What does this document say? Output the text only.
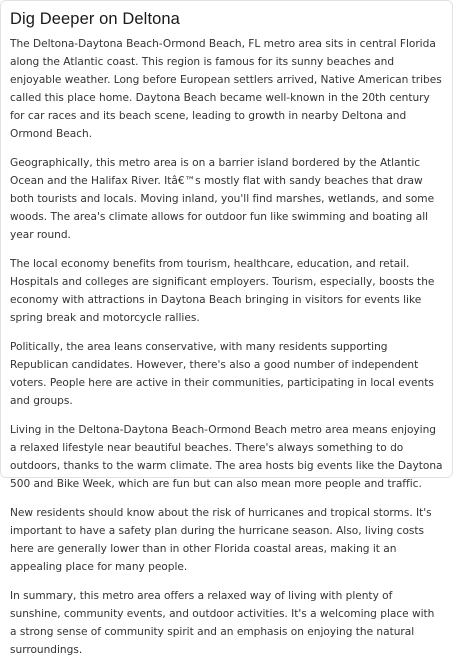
Dig Deeper on Deltona

The Deltona-Daytona Beach-Ormond Beach, FL metro area sits in central Florida along the Atlantic coast. This region is famous for its sunny beaches and enjoyable weather. Long before European settlers arrived, Native American tribes called this place home. Daytona Beach became well-known in the 20th century for car races and its beach scene, leading to growth in nearby Deltona and Ormond Beach.

Geographically, this metro area is on a barrier island bordered by the Atlantic Ocean and the Halifax River. Itâ€™s mostly flat with sandy beaches that draw both tourists and locals. Moving inland, you'll find marshes, wetlands, and some woods. The area's climate allows for outdoor fun like swimming and boating all year round.

The local economy benefits from tourism, healthcare, education, and retail. Hospitals and colleges are significant employers. Tourism, especially, boosts the economy with attractions in Daytona Beach bringing in visitors for events like spring break and motorcycle rallies.

Politically, the area leans conservative, with many residents supporting Republican candidates. However, there's also a good number of independent voters. People here are active in their communities, participating in local events and groups.

Living in the Deltona-Daytona Beach-Ormond Beach metro area means enjoying a relaxed lifestyle near beautiful beaches. There's always something to do outdoors, thanks to the warm climate. The area hosts big events like the Daytona 500 and Bike Week, which are fun but can also mean more people and traffic.

New residents should know about the risk of hurricanes and tropical storms. It's important to have a safety plan during the hurricane season. Also, living costs here are generally lower than in other Florida coastal areas, making it an appealing place for many people.

In summary, this metro area offers a relaxed way of living with plenty of sunshine, community events, and outdoor activities. It's a welcoming place with a strong sense of community spirit and an emphasis on enjoying the natural surroundings.
